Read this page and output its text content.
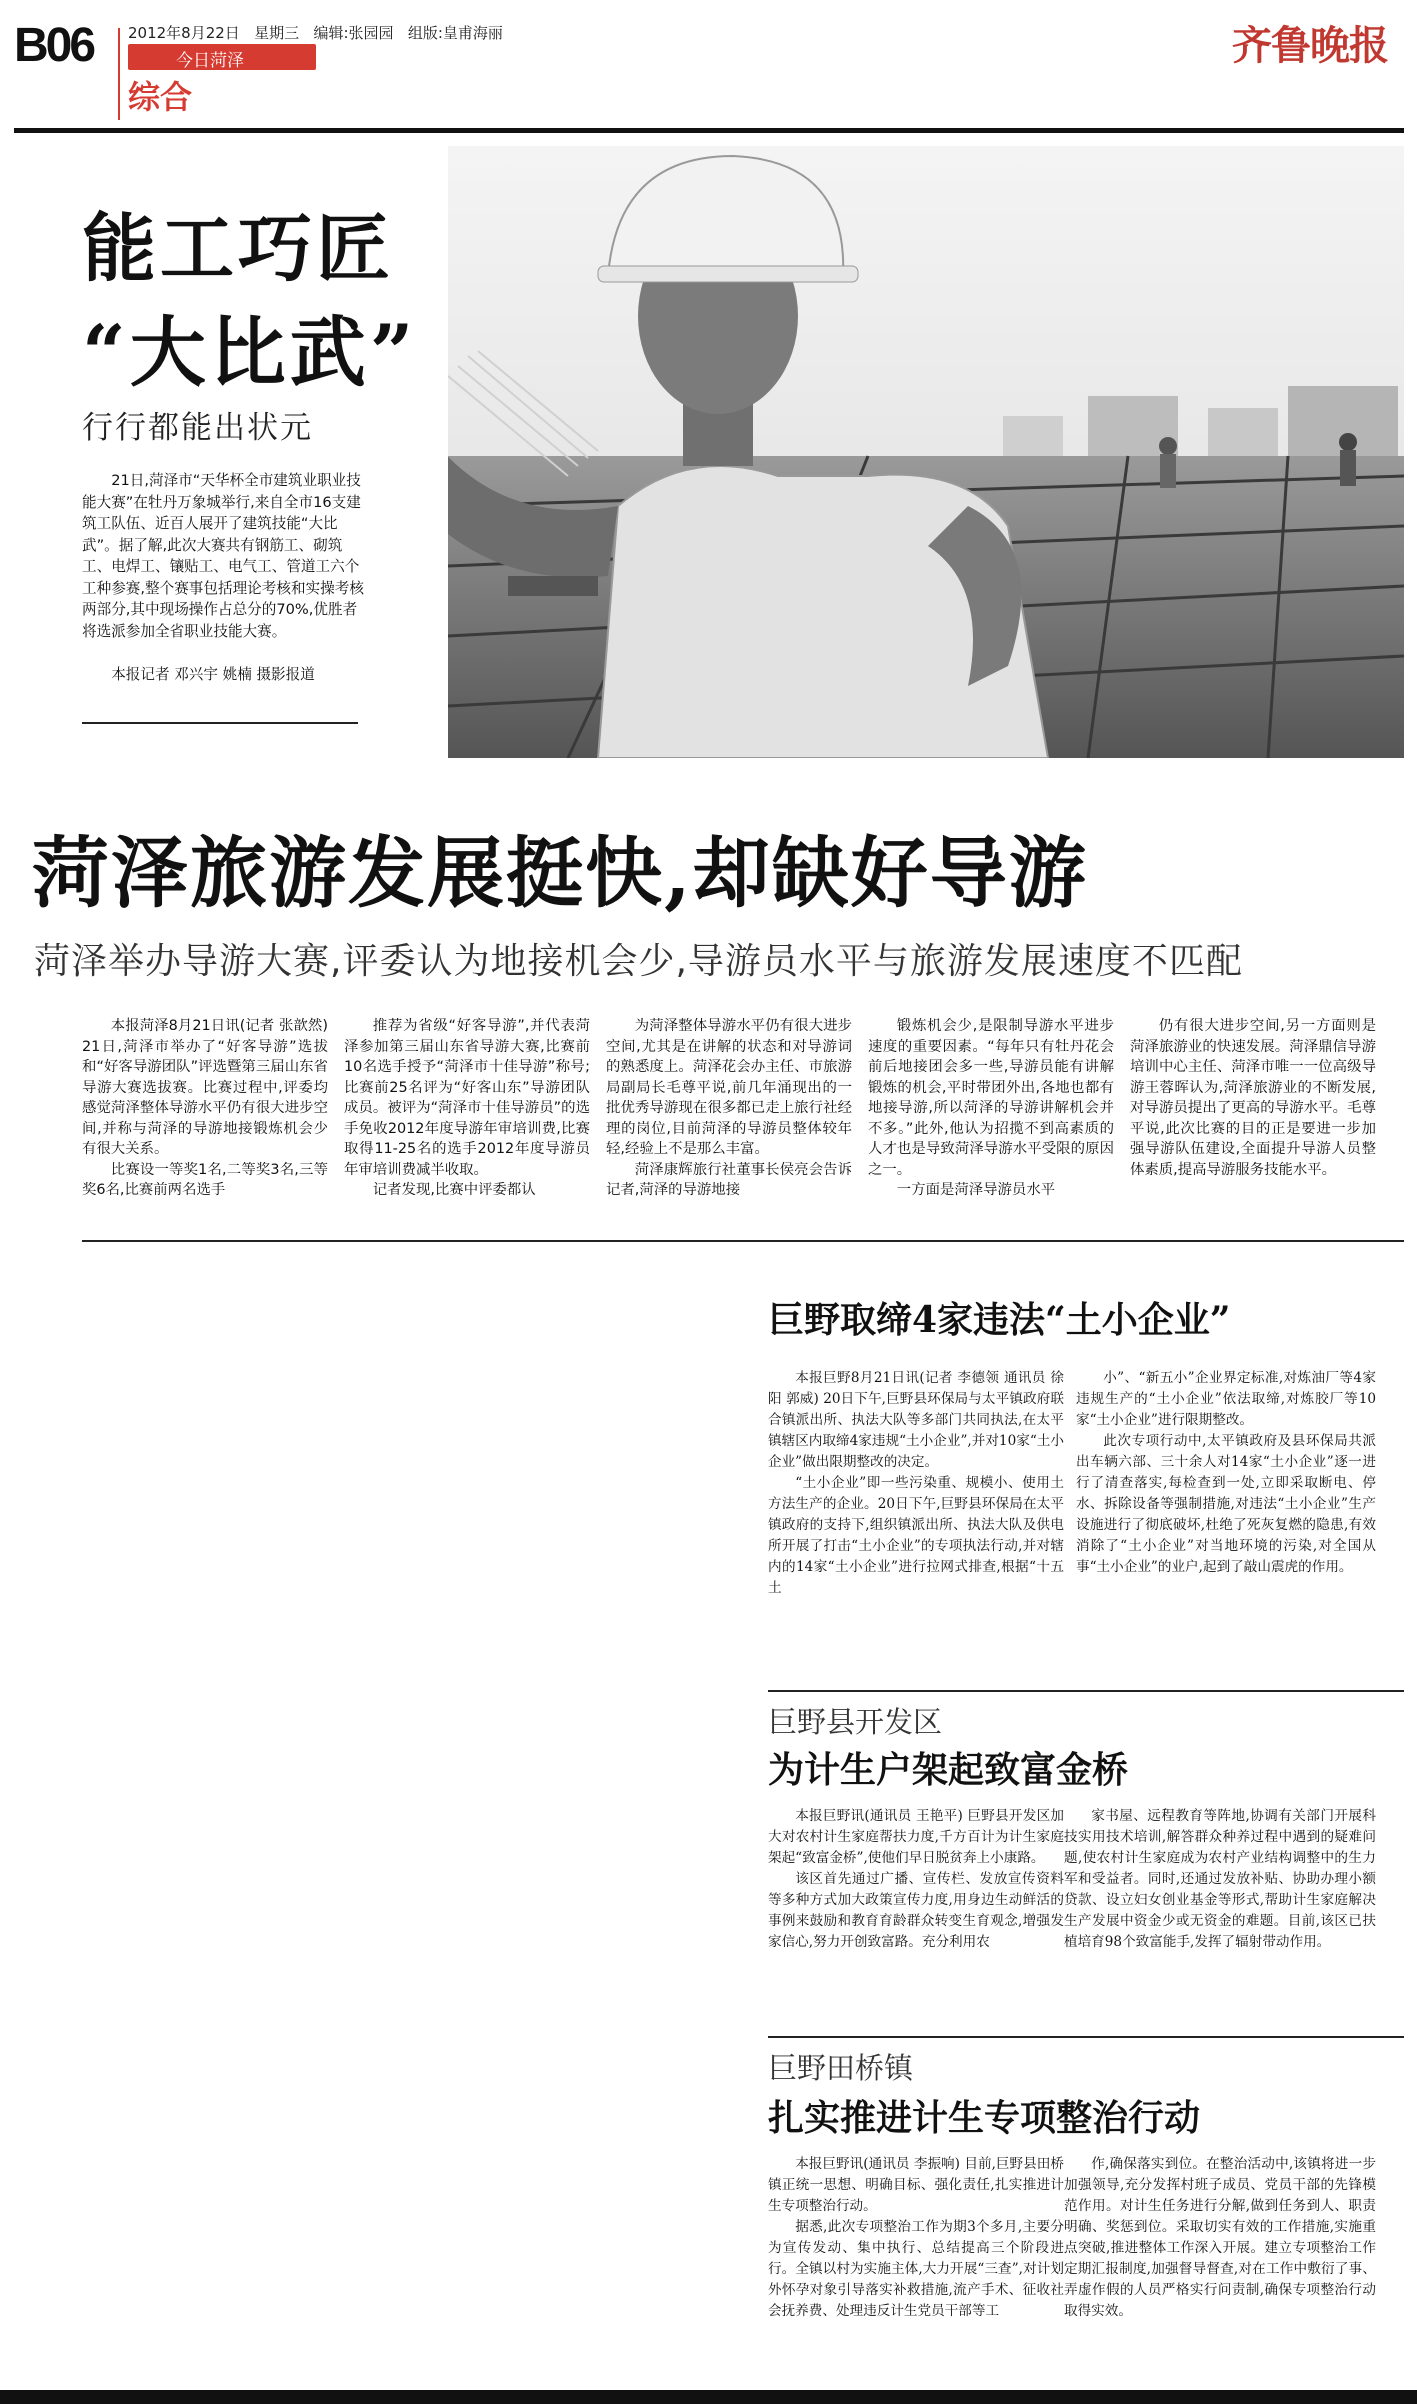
B06 2012年8月22日 星期三 编辑:张园园 组版:皇甫海丽
今日菏泽
综合
齐鲁晚报
能工巧匠
“大比武”
行行都能出状元
21日,菏泽市“天华杯全市建筑业职业技能大赛”在牡丹万象城举行,来自全市16支建筑工队伍、近百人展开了建筑技能“大比武”。据了解,此次大赛共有钢筋工、砌筑工、电焊工、镶贴工、电气工、管道工六个工种参赛,整个赛事包括理论考核和实操考核两部分,其中现场操作占总分的70%,优胜者将选派参加全省职业技能大赛。
本报记者 邓兴宇 姚楠 摄影报道
菏泽旅游发展挺快,却缺好导游
菏泽举办导游大赛,评委认为地接机会少,导游员水平与旅游发展速度不匹配

本报菏泽8月21日讯(记者 张歆然) 21日,菏泽市举办了“好客导游”选拔和“好客导游团队”评选暨第三届山东省导游大赛选拔赛。比赛过程中,评委均感觉菏泽整体导游水平仍有很大进步空间,并称与菏泽的导游地接锻炼机会少有很大关系。

比赛设一等奖1名,二等奖3名,三等奖6名,比赛前两名选手

推荐为省级“好客导游”,并代表菏泽参加第三届山东省导游大赛,比赛前10名选手授予“菏泽市十佳导游”称号;比赛前25名评为“好客山东”导游团队成员。被评为“菏泽市十佳导游员”的选手免收2012年度导游年审培训费,比赛取得11-25名的选手2012年度导游员年审培训费减半收取。

记者发现,比赛中评委都认

为菏泽整体导游水平仍有很大进步空间,尤其是在讲解的状态和对导游词的熟悉度上。菏泽花会办主任、市旅游局副局长毛尊平说,前几年涌现出的一批优秀导游现在很多都已走上旅行社经理的岗位,目前菏泽的导游员整体较年轻,经验上不是那么丰富。

菏泽康辉旅行社董事长侯亮会告诉记者,菏泽的导游地接

锻炼机会少,是限制导游水平进步速度的重要因素。“每年只有牡丹花会前后地接团会多一些,导游员能有讲解锻炼的机会,平时带团外出,各地也都有地接导游,所以菏泽的导游讲解机会并不多。”此外,他认为招揽不到高素质的人才也是导致菏泽导游水平受限的原因之一。

一方面是菏泽导游员水平

仍有很大进步空间,另一方面则是菏泽旅游业的快速发展。菏泽鼎信导游培训中心主任、菏泽市唯一一位高级导游王蓉晖认为,菏泽旅游业的不断发展,对导游员提出了更高的导游水平。毛尊平说,此次比赛的目的正是要进一步加强导游队伍建设,全面提升导游人员整体素质,提高导游服务技能水平。

巨野取缔4家违法“土小企业”

本报巨野8月21日讯(记者 李德领 通讯员 徐阳 郭威) 20日下午,巨野县环保局与太平镇政府联合镇派出所、执法大队等多部门共同执法,在太平镇辖区内取缔4家违规“土小企业”,并对10家“土小企业”做出限期整改的决定。

“土小企业”即一些污染重、规模小、使用土方法生产的企业。20日下午,巨野县环保局在太平镇政府的支持下,组织镇派出所、执法大队及供电所开展了打击“土小企业”的专项执法行动,并对辖内的14家“土小企业”进行拉网式排查,根据“十五土

小”、“新五小”企业界定标准,对炼油厂等4家违规生产的“土小企业”依法取缔,对炼胶厂等10家“土小企业”进行限期整改。

此次专项行动中,太平镇政府及县环保局共派出车辆六部、三十余人对14家“土小企业”逐一进行了清查落实,每检查到一处,立即采取断电、停水、拆除设备等强制措施,对违法“土小企业”生产设施进行了彻底破坏,杜绝了死灰复燃的隐患,有效消除了“土小企业”对当地环境的污染,对全国从事“土小企业”的业户,起到了敲山震虎的作用。

巨野县开发区
为计生户架起致富金桥

本报巨野讯(通讯员 王艳平) 巨野县开发区加大对农村计生家庭帮扶力度,千方百计为计生家庭架起“致富金桥”,使他们早日脱贫奔上小康路。

该区首先通过广播、宣传栏、发放宣传资料等多种方式加大政策宣传力度,用身边生动鲜活的事例来鼓励和教育育龄群众转变生育观念,增强发家信心,努力开创致富路。充分利用农

家书屋、远程教育等阵地,协调有关部门开展科技实用技术培训,解答群众种养过程中遇到的疑难问题,使农村计生家庭成为农村产业结构调整中的生力军和受益者。同时,还通过发放补贴、协助办理小额贷款、设立妇女创业基金等形式,帮助计生家庭解决生产发展中资金少或无资金的难题。目前,该区已扶植培育98个致富能手,发挥了辐射带动作用。

巨野田桥镇
扎实推进计生专项整治行动

本报巨野讯(通讯员 李振响) 目前,巨野县田桥镇正统一思想、明确目标、强化责任,扎实推进计生专项整治行动。

据悉,此次专项整治工作为期3个多月,主要分为宣传发动、集中执行、总结提高三个阶段进行。全镇以村为实施主体,大力开展“三查”,对计划外怀孕对象引导落实补救措施,流产手术、征收社会抚养费、处理违反计生党员干部等工

作,确保落实到位。在整治活动中,该镇将进一步加强领导,充分发挥村班子成员、党员干部的先锋模范作用。对计生任务进行分解,做到任务到人、职责明确、奖惩到位。采取切实有效的工作措施,实施重点突破,推进整体工作深入开展。建立专项整治工作定期汇报制度,加强督导督查,对在工作中敷衍了事、弄虚作假的人员严格实行问责制,确保专项整治行动取得实效。
